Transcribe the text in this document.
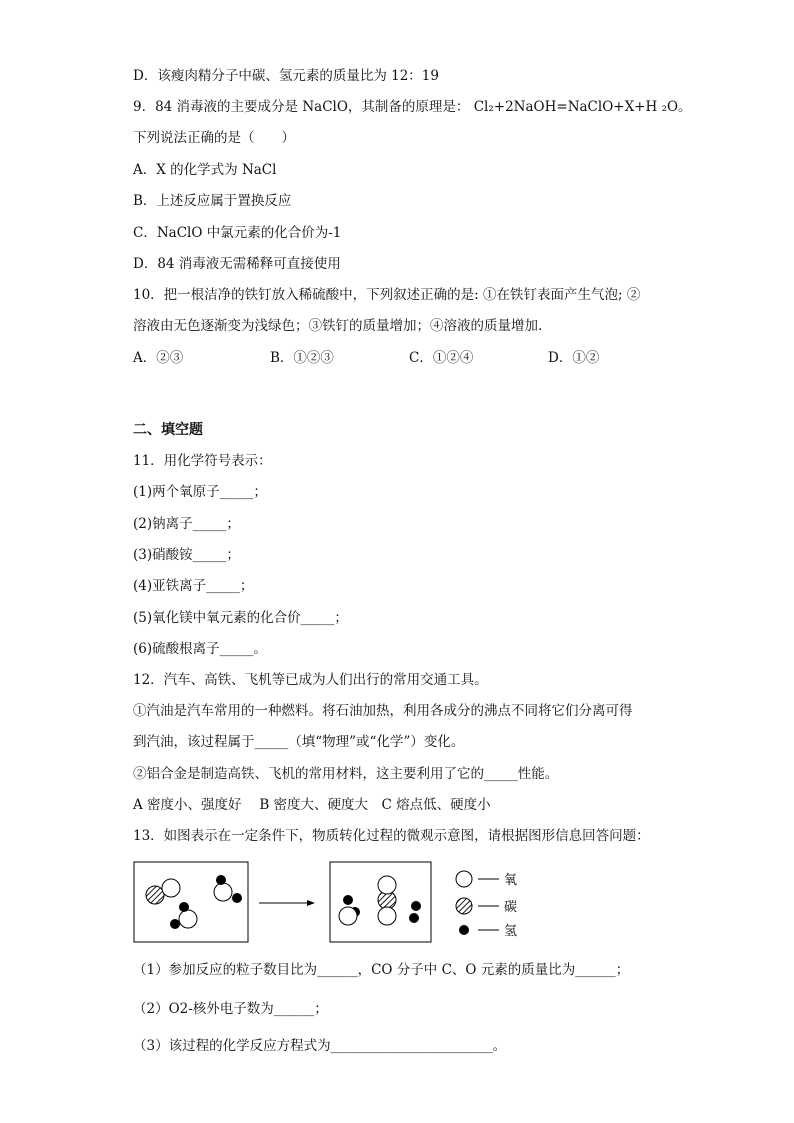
D．该瘦肉精分子中碳、氢元素的质量比为 12：19
9．84 消毒液的主要成分是 NaClO，其制备的原理是： Cl₂+2NaOH=NaClO+X+H ₂O。
下列说法正确的是（　　）
A．X 的化学式为 NaCl
B．上述反应属于置换反应
C．NaClO 中氯元素的化合价为-1
D．84 消毒液无需稀释可直接使用
10．把一根洁净的铁钉放入稀硫酸中，下列叙述正确的是: ①在铁钉表面产生气泡; ②
溶液由无色逐渐变为浅绿色；③铁钉的质量增加；④溶液的质量增加.
A．②③	B．①②③	C．①②④	D．①②
二、填空题
11．用化学符号表示：
(1)两个氧原子_____；
(2)钠离子_____；
(3)硝酸铵_____；
(4)亚铁离子_____；
(5)氧化镁中氧元素的化合价_____；
(6)硫酸根离子_____。
12．汽车、高铁、飞机等已成为人们出行的常用交通工具。
①汽油是汽车常用的一种燃料。将石油加热，利用各成分的沸点不同将它们分离可得
到汽油，该过程属于_____（填“物理”或“化学”）变化。
②铝合金是制造高铁、飞机的常用材料，这主要利用了它的_____性能。
A 密度小、强度好　 B 密度大、硬度大　C 熔点低、硬度小
13．如图表示在一定条件下，物质转化过程的微观示意图，请根据图形信息回答问题：
氧
碳
氢
（1）参加反应的粒子数目比为______，CO 分子中 C、O 元素的质量比为______；
（2）O2-核外电子数为______；
（3）该过程的化学反应方程式为________________________。
